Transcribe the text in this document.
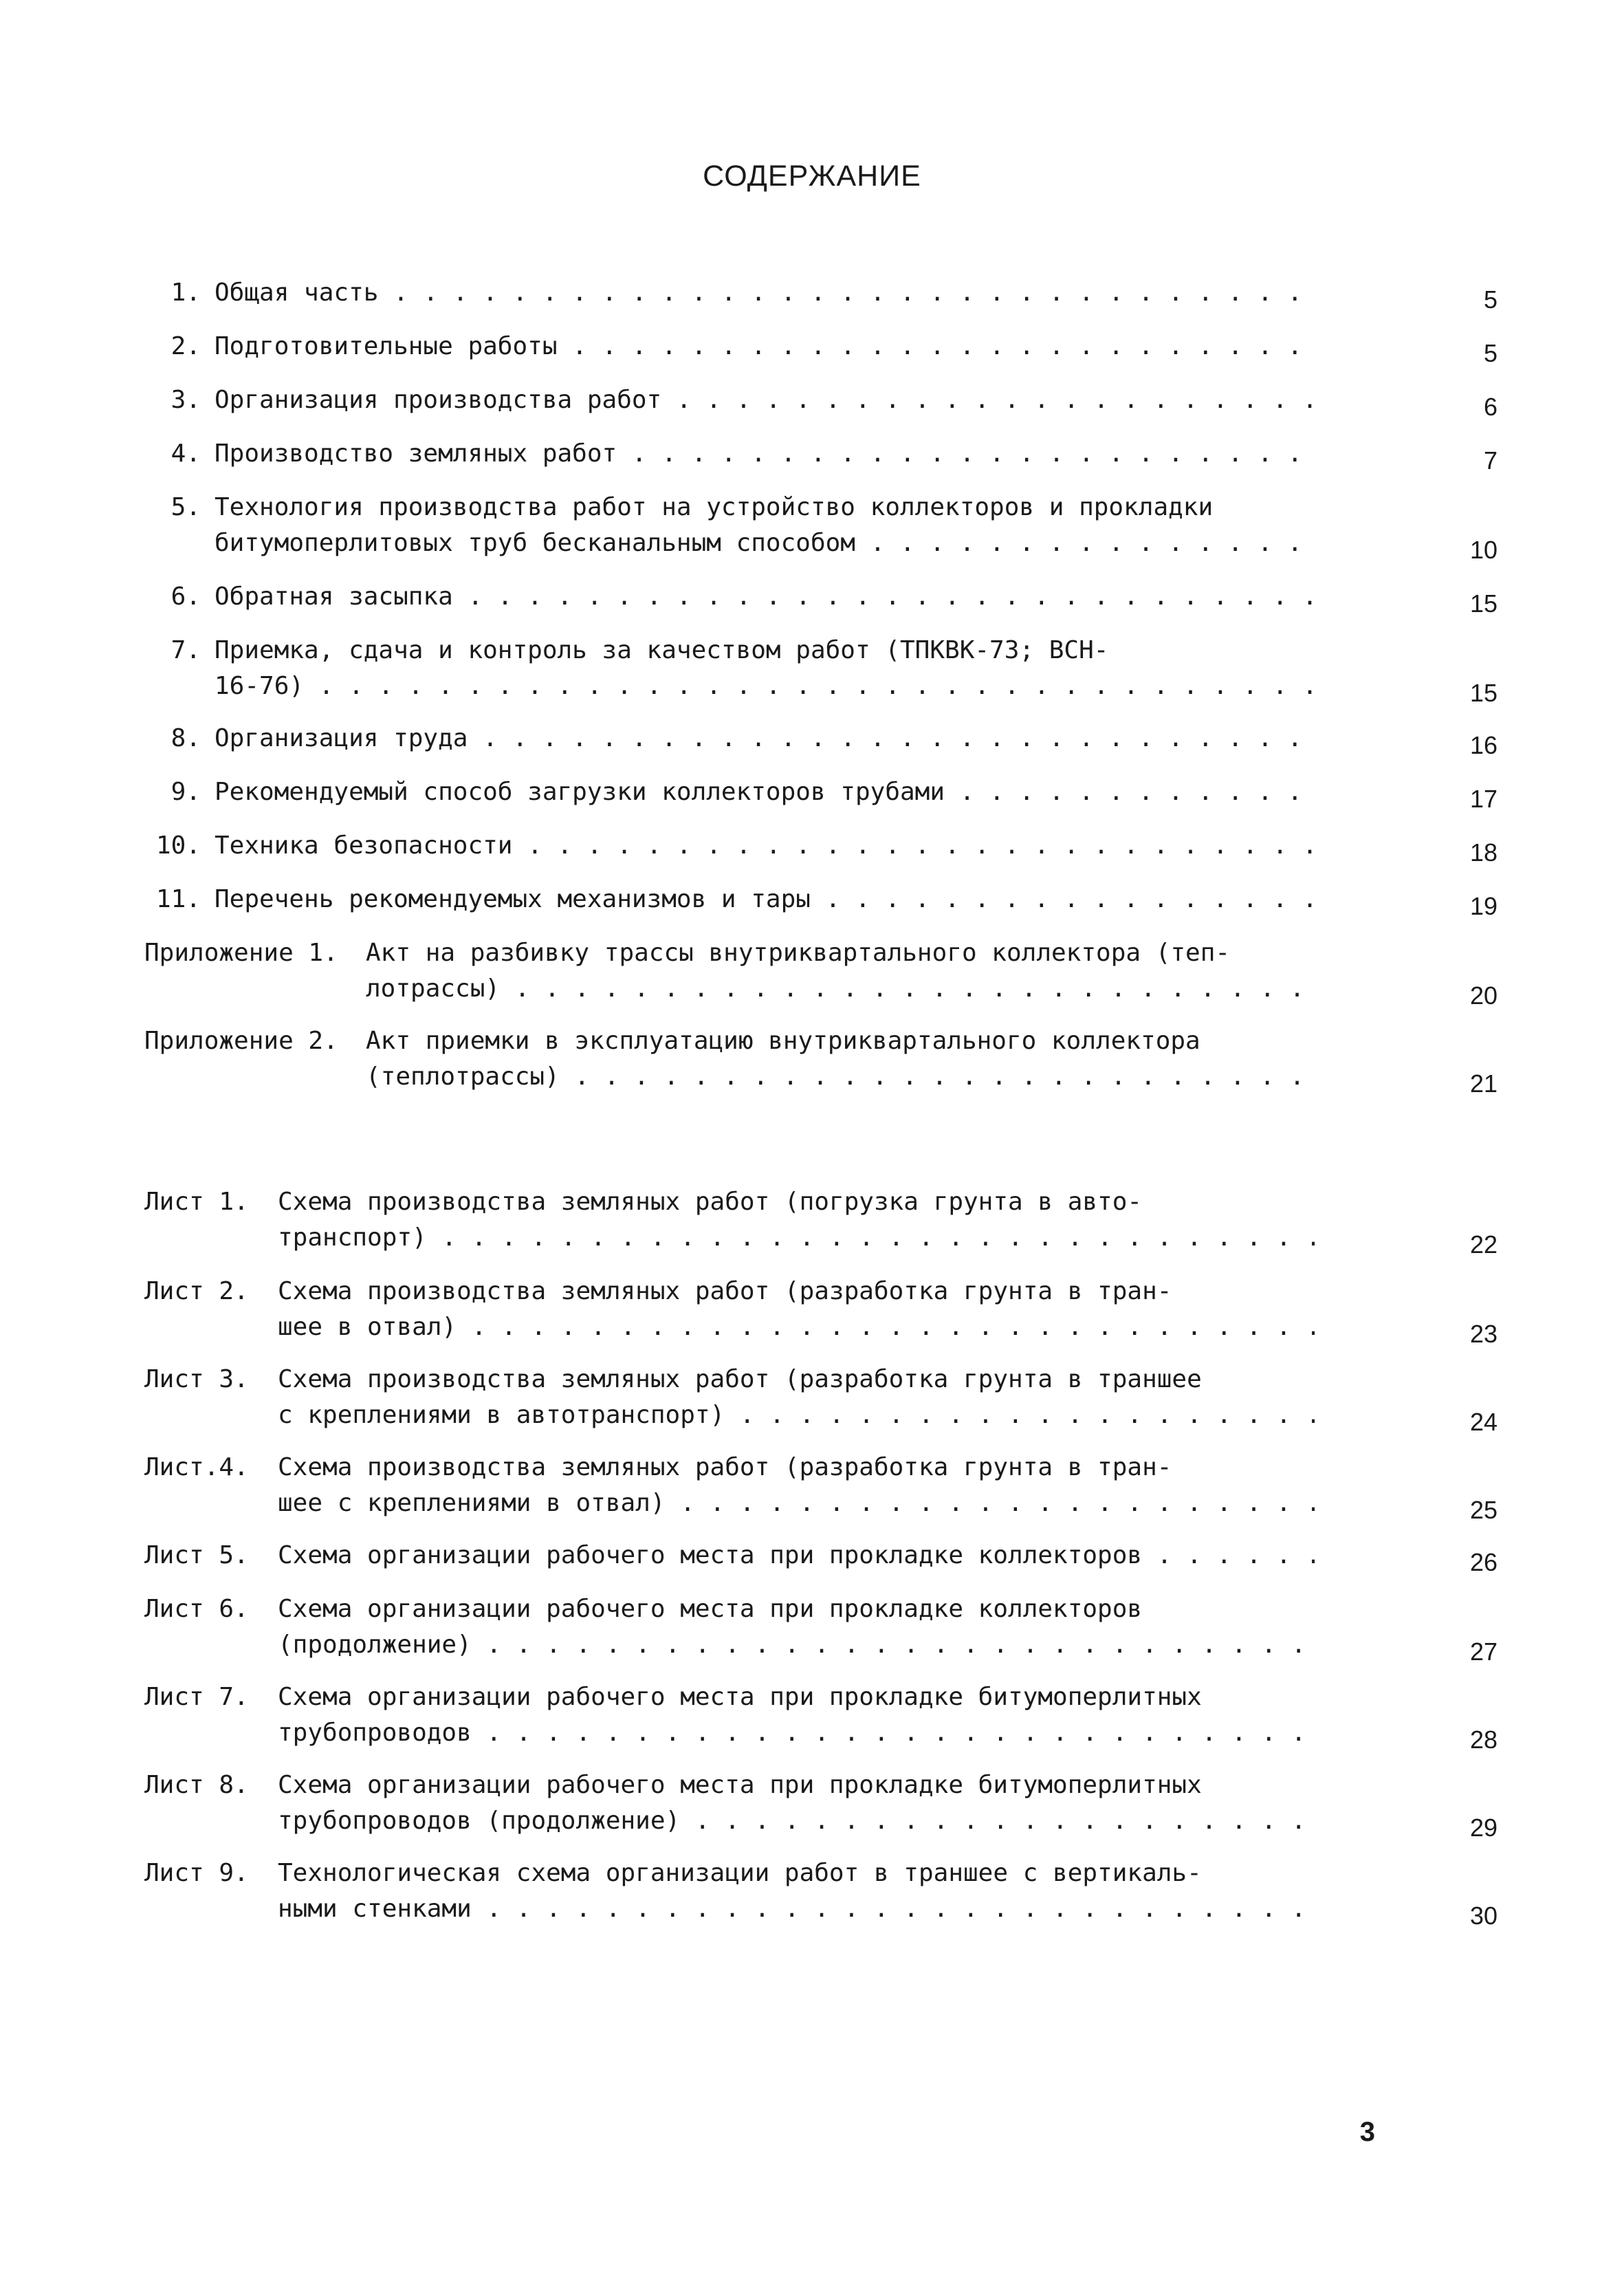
СОДЕРЖАНИЕ
1. Общая часть . . .	5
2. Подготовительные работы . . .	5
3. Организация производства работ . . .	6
4. Производство земляных работ . . .	7
5. Технология производства работ на устройство коллекторов и прокладки
битумоперлитовых труб бесканальным способом . . .	10
6. Обратная засыпка . . .	15
7. Приемка, сдача и контроль за качеством работ (ТПКВК-73; ВСН-
16-76) . . .	15
8. Организация труда . . .	16
9. Рекомендуемый способ загрузки коллекторов трубами . . .	17
10. Техника безопасности . . .	18
11. Перечень рекомендуемых механизмов и тары . . .	19
Приложение 1. Акт на разбивку трассы внутриквартального коллектора (теп-
лотрассы) . . .	20
Приложение 2. Акт приемки в эксплуатацию внутриквартального коллектора
(теплотрассы) . . .	21
Лист 1. Схема производства земляных работ (погрузка грунта в авто-
транспорт) . . .	22
Лист 2. Схема производства земляных работ (разработка грунта в тран-
шее в отвал) . . .	23
Лист 3. Схема производства земляных работ (разработка грунта в траншее
с креплениями в автотранспорт) . . .	24
Лист.4. Схема производства земляных работ (разработка грунта в тран-
шее с креплениями в отвал) . . .	25
Лист 5. Схема организации рабочего места при прокладке коллекторов . . .	26
Лист 6. Схема организации рабочего места при прокладке коллекторов
(продолжение) . . .	27
Лист 7. Схема организации рабочего места при прокладке битумоперлитных
трубопроводов . . .	28
Лист 8. Схема организации рабочего места при прокладке битумоперлитных
трубопроводов (продолжение) . . .	29
Лист 9. Технологическая схема организации работ в траншее с вертикаль-
ными стенками . . .	30
3
